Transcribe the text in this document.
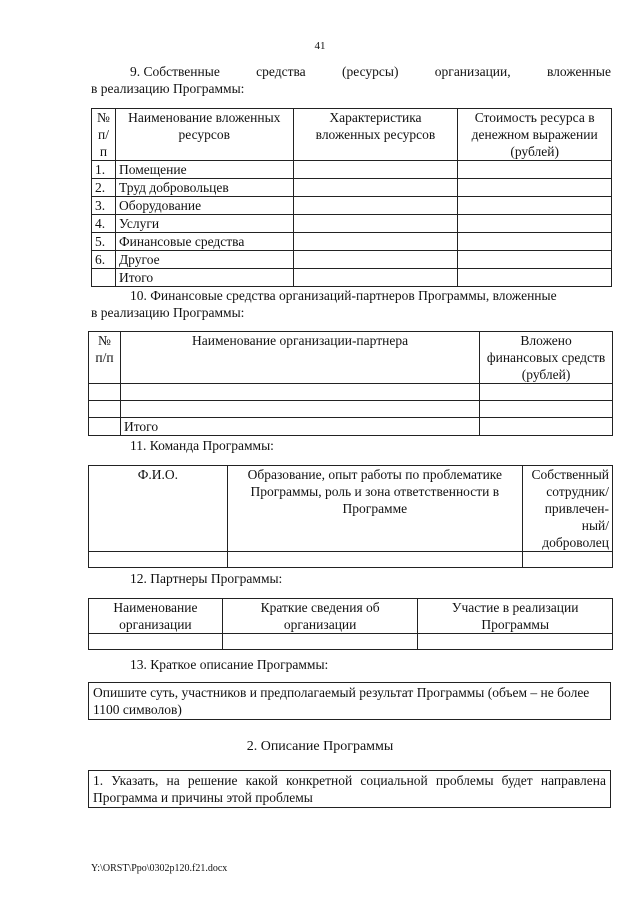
41
9. Собственные	средства	(ресурсы)	организации,	вложенные
в реализацию Программы:
№ п/п	Наименование вложенных ресурсов	Характеристика вложенных ресурсов	Стоимость ресурса в денежном выражении (рублей)
1.	Помещение		
2.	Труд добровольцев		
3.	Оборудование		
4.	Услуги		
5.	Финансовые средства		
6.	Другое		
	Итого		
10. Финансовые средства организаций-партнеров Программы, вложенные
в реализацию Программы:
№ п/п	Наименование организации-партнера	Вложено финансовых средств (рублей)

	Итого	
11. Команда Программы:
Ф.И.О.	Образование, опыт работы по проблематике Программы, роль и зона ответственности в Программе	Собственный сотрудник/ привлечен-ный/ доброволец

12. Партнеры Программы:
Наименование организации	Краткие сведения об организации	Участие в реализации Программы

13. Краткое описание Программы:
Опишите суть, участников и предполагаемый результат Программы (объем – не более 1100 символов)
2. Описание Программы
1. Указать, на решение какой конкретной социальной проблемы будет направлена Программа и причины этой проблемы
Y:\ORST\Ppo\0302p120.f21.docx
